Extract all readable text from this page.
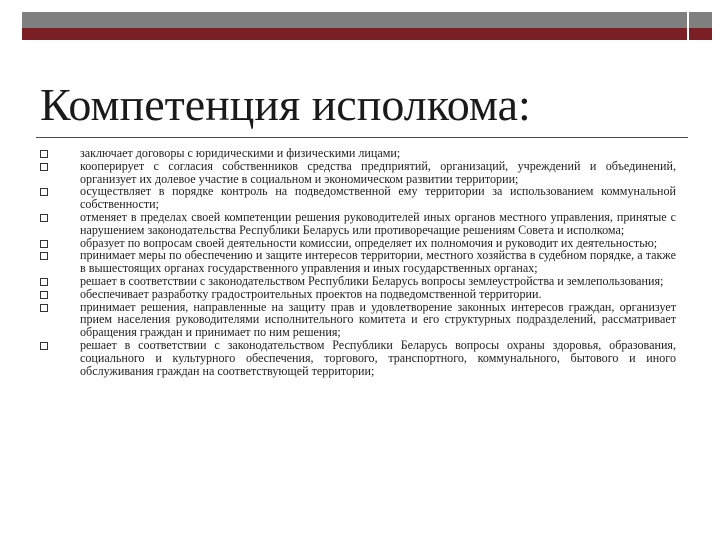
Компетенция исполкома:
заключает договоры с юридическими и физическими лицами;
кооперирует с согласия собственников средства предприятий, организаций, учреждений и объединений, организует их долевое участие в социальном и экономическом развитии территории;
осуществляет в порядке контроль на подведомственной ему территории за использованием коммунальной собственности;
отменяет в пределах своей компетенции решения руководителей иных органов местного управления, принятые с нарушением законодательства Республики Беларусь или противоречащие решениям Совета и исполкома;
образует по вопросам своей деятельности комиссии, определяет их полномочия и руководит их деятельностью;
принимает меры по обеспечению и защите интересов территории, местного хозяйства в судебном порядке, а также в вышестоящих органах государственного управления и иных государственных органах;
решает в соответствии с законодательством Республики Беларусь вопросы землеустройства и землепользования;
обеспечивает разработку градостроительных проектов на подведомственной территории.
принимает решения, направленные на защиту прав и удовлетворение законных интересов граждан, организует прием населения руководителями исполнительного комитета и его структурных подразделений, рассматривает обращения граждан и принимает по ним решения;
решает в соответствии с законодательством Республики Беларусь вопросы охраны здоровья, образования, социального и культурного обеспечения, торгового, транспортного, коммунального, бытового и иного обслуживания граждан на соответствующей территории;
